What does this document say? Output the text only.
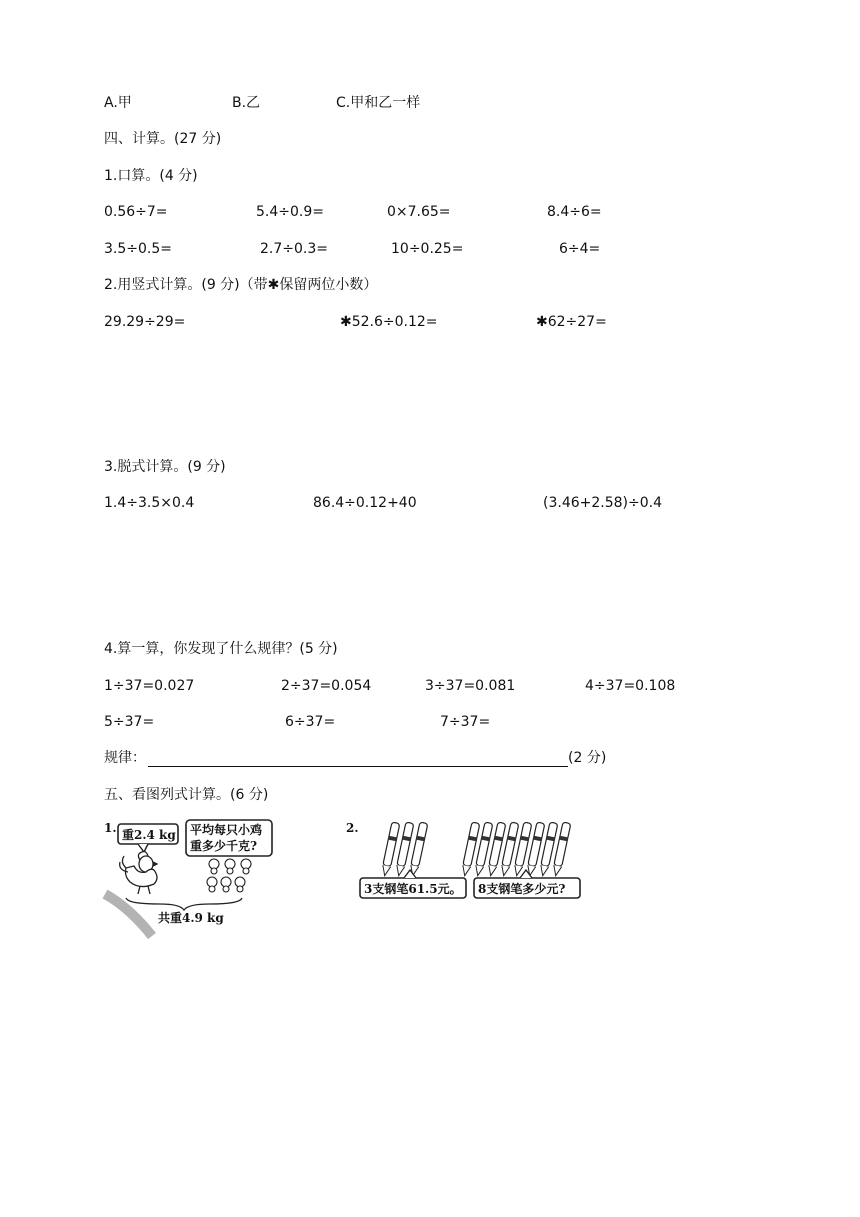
A.甲	B.乙	C.甲和乙一样
四、计算。(27 分)
1.口算。(4 分)
0.56÷7=	5.4÷0.9=	0×7.65=	8.4÷6=
3.5÷0.5=	2.7÷0.3=	10÷0.25=	6÷4=
2.用竖式计算。(9 分)（带✱保留两位小数）
29.29÷29=	✱52.6÷0.12=	✱62÷27=
3.脱式计算。(9 分)
1.4÷3.5×0.4	86.4÷0.12+40	(3.46+2.58)÷0.4
4.算一算，你发现了什么规律？(5 分)
1÷37=0.027	2÷37=0.054	3÷37=0.081	4÷37=0.108
5÷37=	6÷37=	7÷37=
规律：	(2 分)
五、看图列式计算。(6 分)
1. 重2.4 kg 平均每只小鸡
重多少千克?
共重4.9 kg
2.
3支钢笔61.5元。 8支钢笔多少元?
